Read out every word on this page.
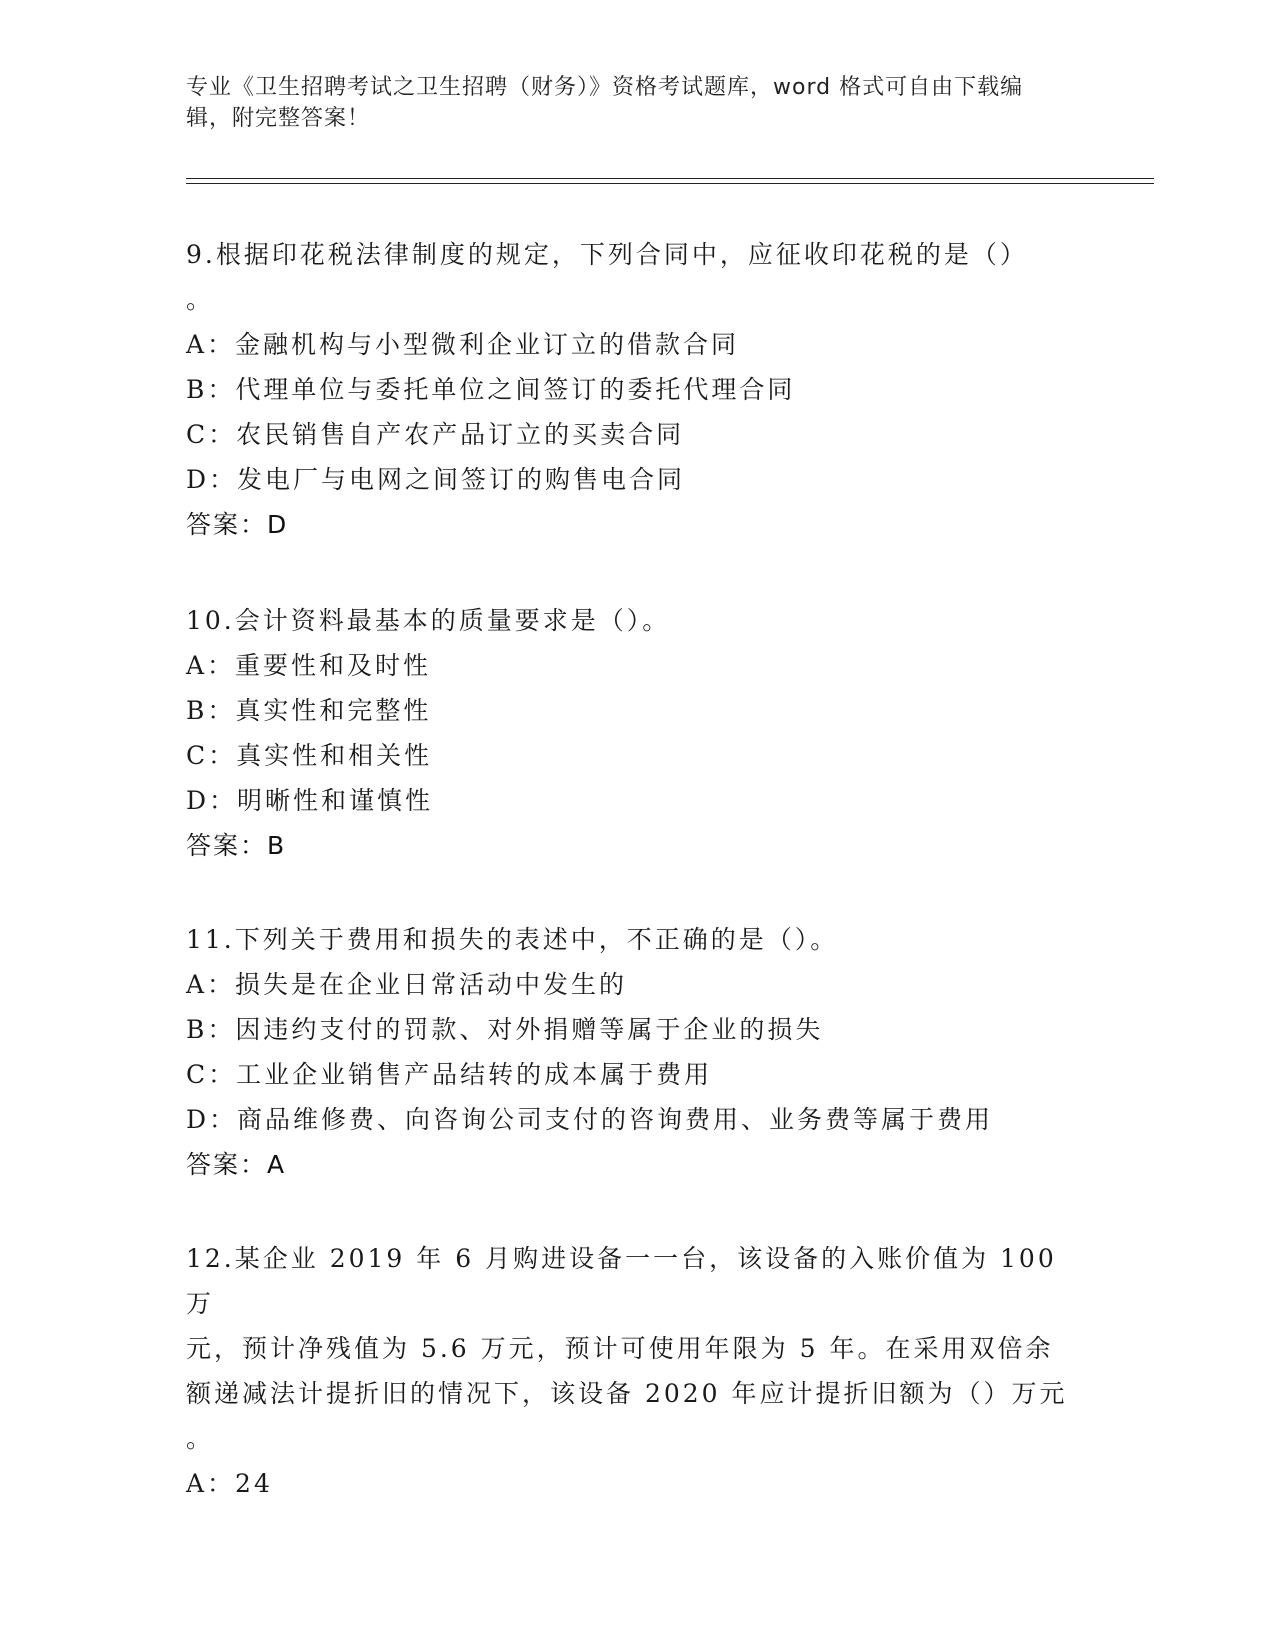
专业《卫生招聘考试之卫生招聘（财务）》资格考试题库，word 格式可自由下载编辑，附完整答案！
9.根据印花税法律制度的规定，下列合同中，应征收印花税的是（）
。
A：金融机构与小型微利企业订立的借款合同
B：代理单位与委托单位之间签订的委托代理合同
C：农民销售自产农产品订立的买卖合同
D：发电厂与电网之间签订的购售电合同
答案：D
10.会计资料最基本的质量要求是（）。
A：重要性和及时性
B：真实性和完整性
C：真实性和相关性
D：明晰性和谨慎性
答案：B
11.下列关于费用和损失的表述中，不正确的是（）。
A：损失是在企业日常活动中发生的
B：因违约支付的罚款、对外捐赠等属于企业的损失
C：工业企业销售产品结转的成本属于费用
D：商品维修费、向咨询公司支付的咨询费用、业务费等属于费用
答案：A
12.某企业 2019 年 6 月购进设备一一台，该设备的入账价值为 100 万
元，预计净残值为 5.6 万元，预计可使用年限为 5 年。在采用双倍余
额递减法计提折旧的情况下，该设备 2020 年应计提折旧额为（）万元
。
A：24
